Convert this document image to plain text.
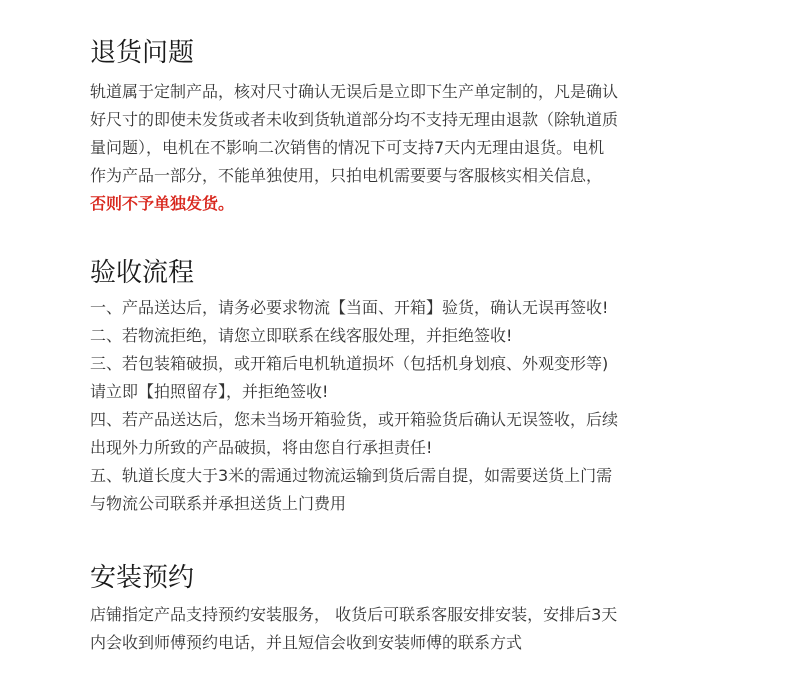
退货问题

轨道属于定制产品，核对尺寸确认无误后是立即下生产单定制的，凡是确认
好尺寸的即使未发货或者未收到货轨道部分均不支持无理由退款（除轨道质
量问题），电机在不影响二次销售的情况下可支持7天内无理由退货。电机
作为产品一部分，不能单独使用，只拍电机需要要与客服核实相关信息，
否则不予单独发货。

验收流程

一、产品送达后，请务必要求物流【当面、开箱】验货，确认无误再签收!
二、若物流拒绝，请您立即联系在线客服处理，并拒绝签收!
三、若包装箱破损，或开箱后电机轨道损坏（包括机身划痕、外观变形等)
请立即【拍照留存】，并拒绝签收!
四、若产品送达后，您未当场开箱验货，或开箱验货后确认无误签收，后续
出现外力所致的产品破损，将由您自行承担责任!
五、轨道长度大于3米的需通过物流运输到货后需自提，如需要送货上门需
与物流公司联系并承担送货上门费用

安装预约

店铺指定产品支持预约安装服务， 收货后可联系客服安排安装，安排后3天
内会收到师傅预约电话，并且短信会收到安装师傅的联系方式
